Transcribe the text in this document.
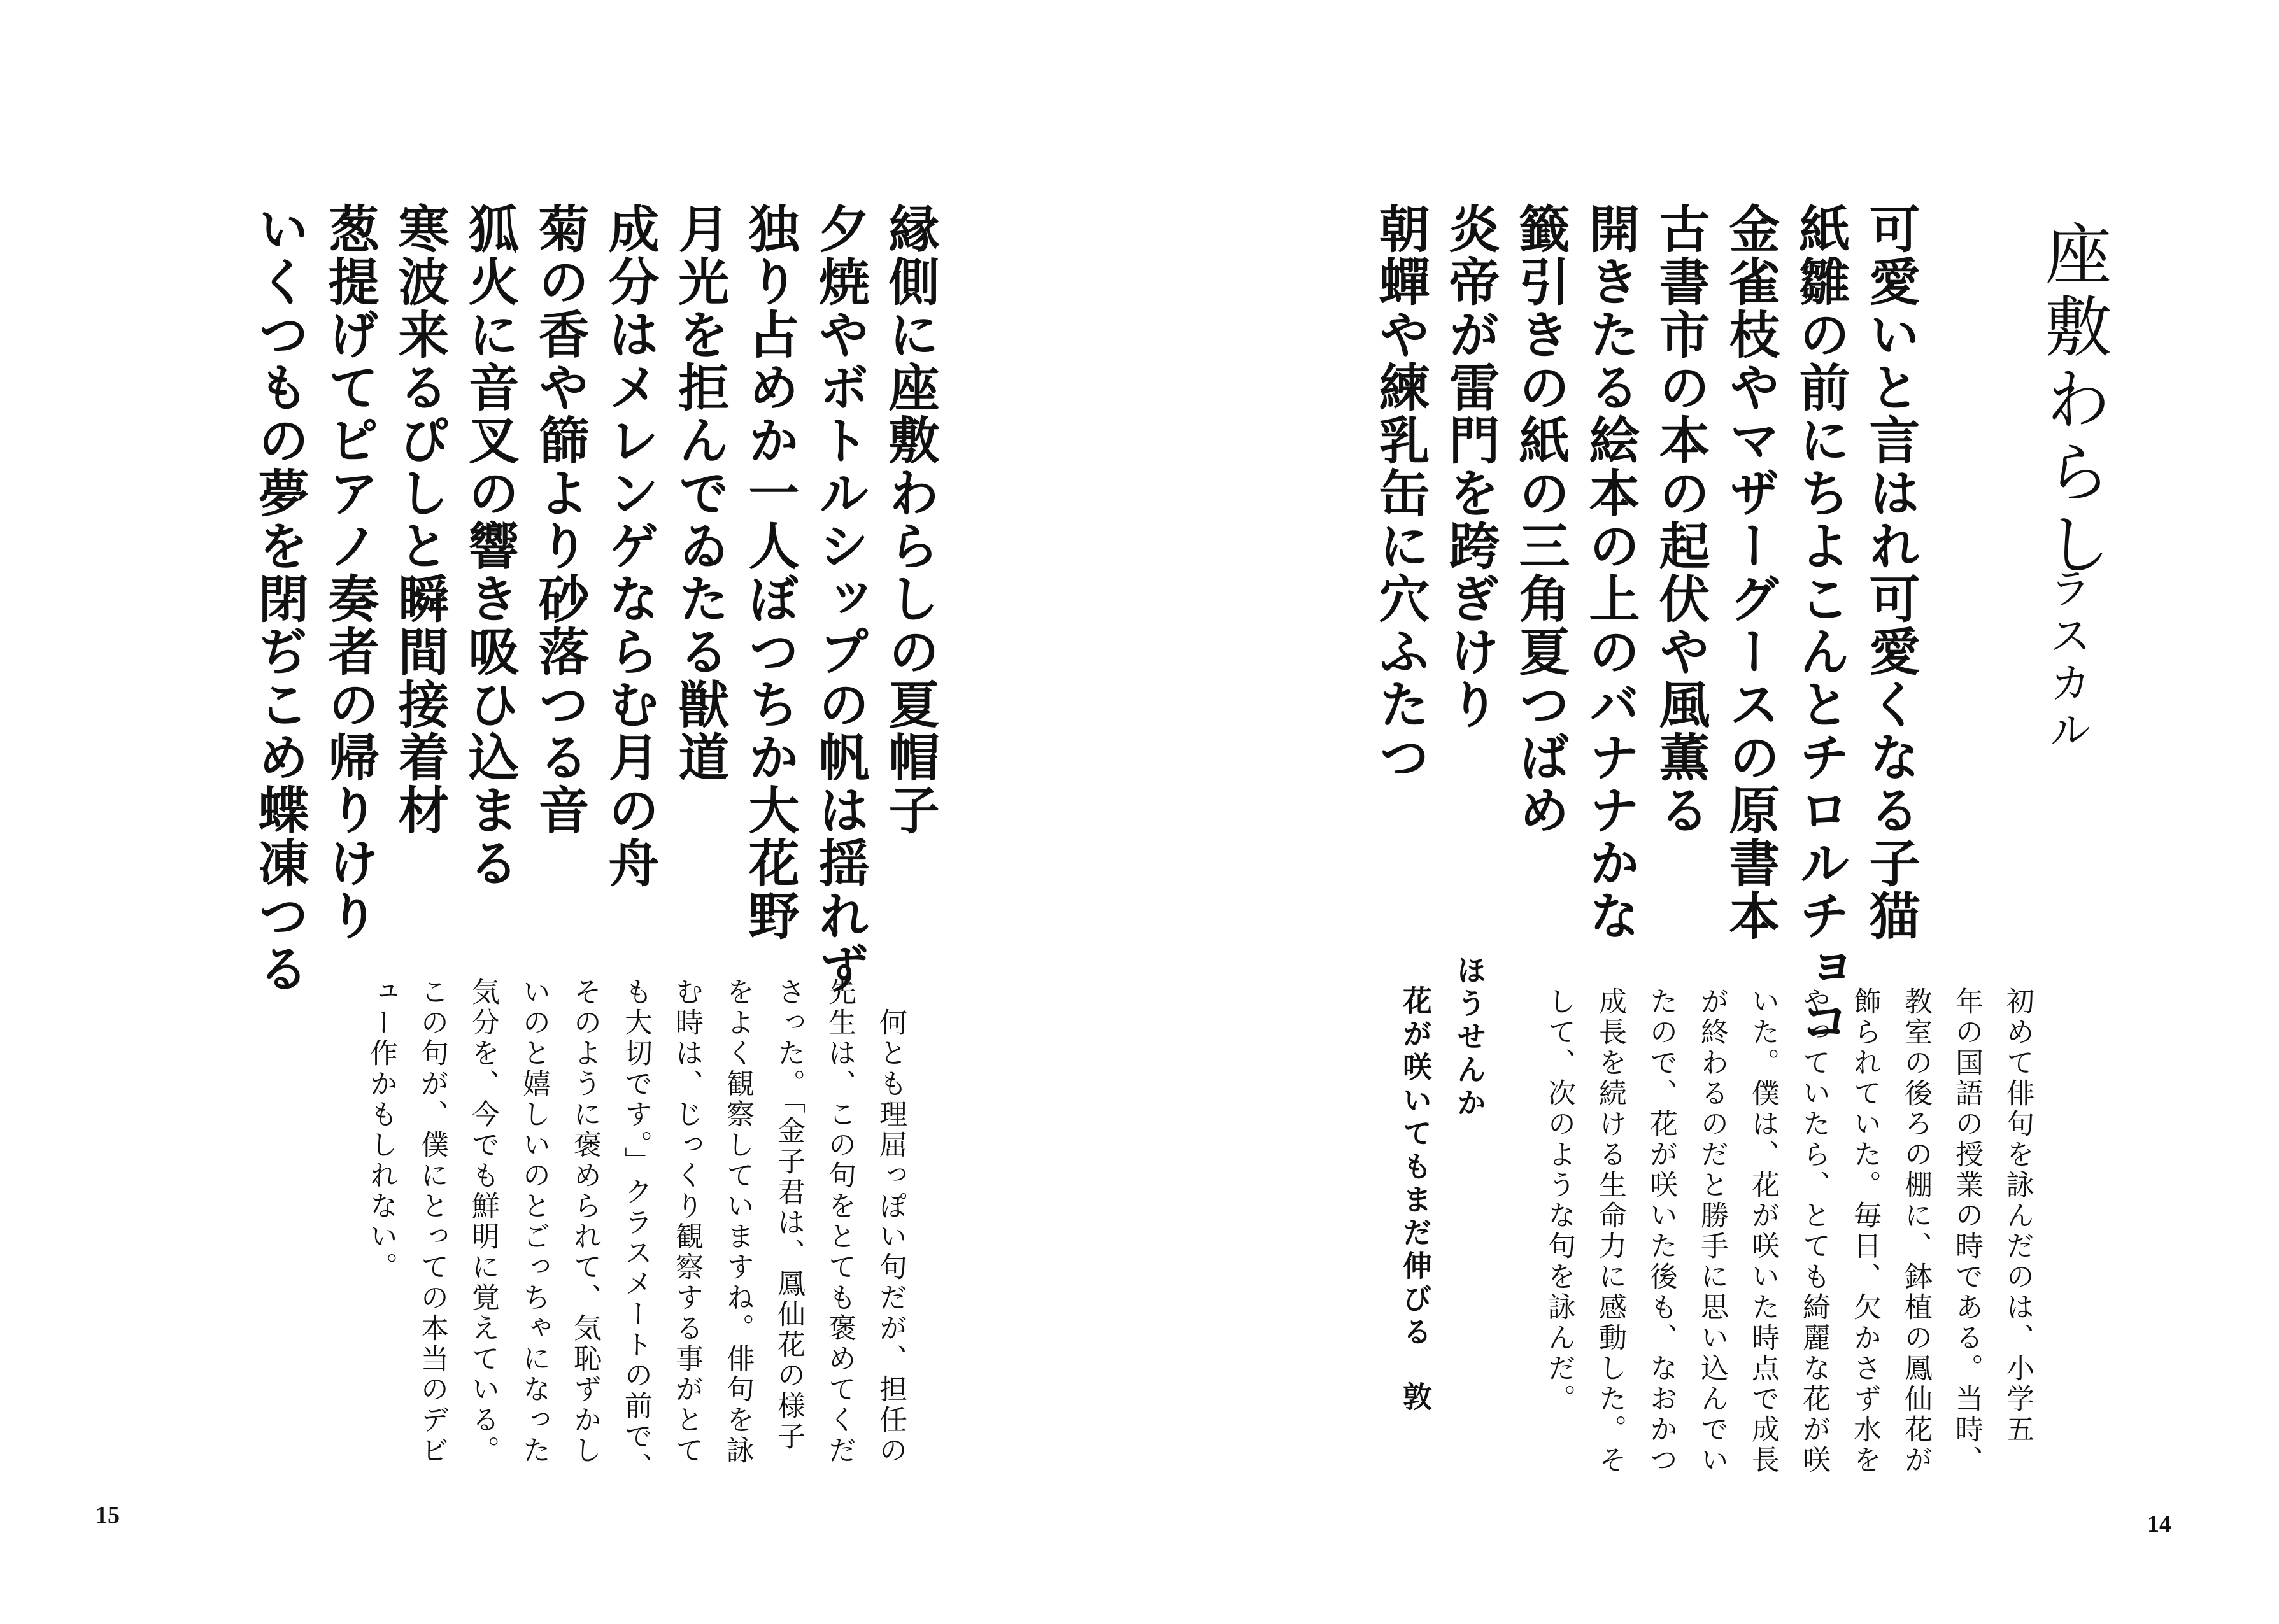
座敷わらし
ラスカル
可愛いと言はれ可愛くなる子猫
紙雛の前にちよこんとチロルチョコ
金雀枝やマザーグースの原書本
古書市の本の起伏や風薫る
開きたる絵本の上のバナナかな
籤引きの紙の三角夏つばめ
炎帝が雷門を跨ぎけり
朝蟬や練乳缶に穴ふたつ
初めて俳句を詠んだのは、小学五
年の国語の授業の時である。当時、
教室の後ろの棚に、鉢植の鳳仙花が
飾られていた。毎日、欠かさず水を
やっていたら、とても綺麗な花が咲
いた。僕は、花が咲いた時点で成長
が終わるのだと勝手に思い込んでい
たので、花が咲いた後も、なおかつ
成長を続ける生命力に感動した。そ
して、次のような句を詠んだ。
ほうせんか
花が咲いてもまだ伸びる
敦
14
縁側に座敷わらしの夏帽子
夕焼やボトルシップの帆は揺れず
独り占めか一人ぼつちか大花野
月光を拒んでゐたる獣道
成分はメレンゲならむ月の舟
菊の香や篩より砂落つる音
狐火に音叉の響き吸ひ込まる
寒波来るぴしと瞬間接着材
葱提げてピアノ奏者の帰りけり
いくつもの夢を閉ぢこめ蝶凍つる
　何とも理屈っぽい句だが、担任の
先生は、この句をとても褒めてくだ
さった。「金子君は、鳳仙花の様子
をよく観察していますね。俳句を詠
む時は、じっくり観察する事がとて
も大切です。」クラスメートの前で、
そのように褒められて、気恥ずかし
いのと嬉しいのとごっちゃになった
気分を、今でも鮮明に覚えている。
この句が、僕にとっての本当のデビ
ュー作かもしれない。
15
